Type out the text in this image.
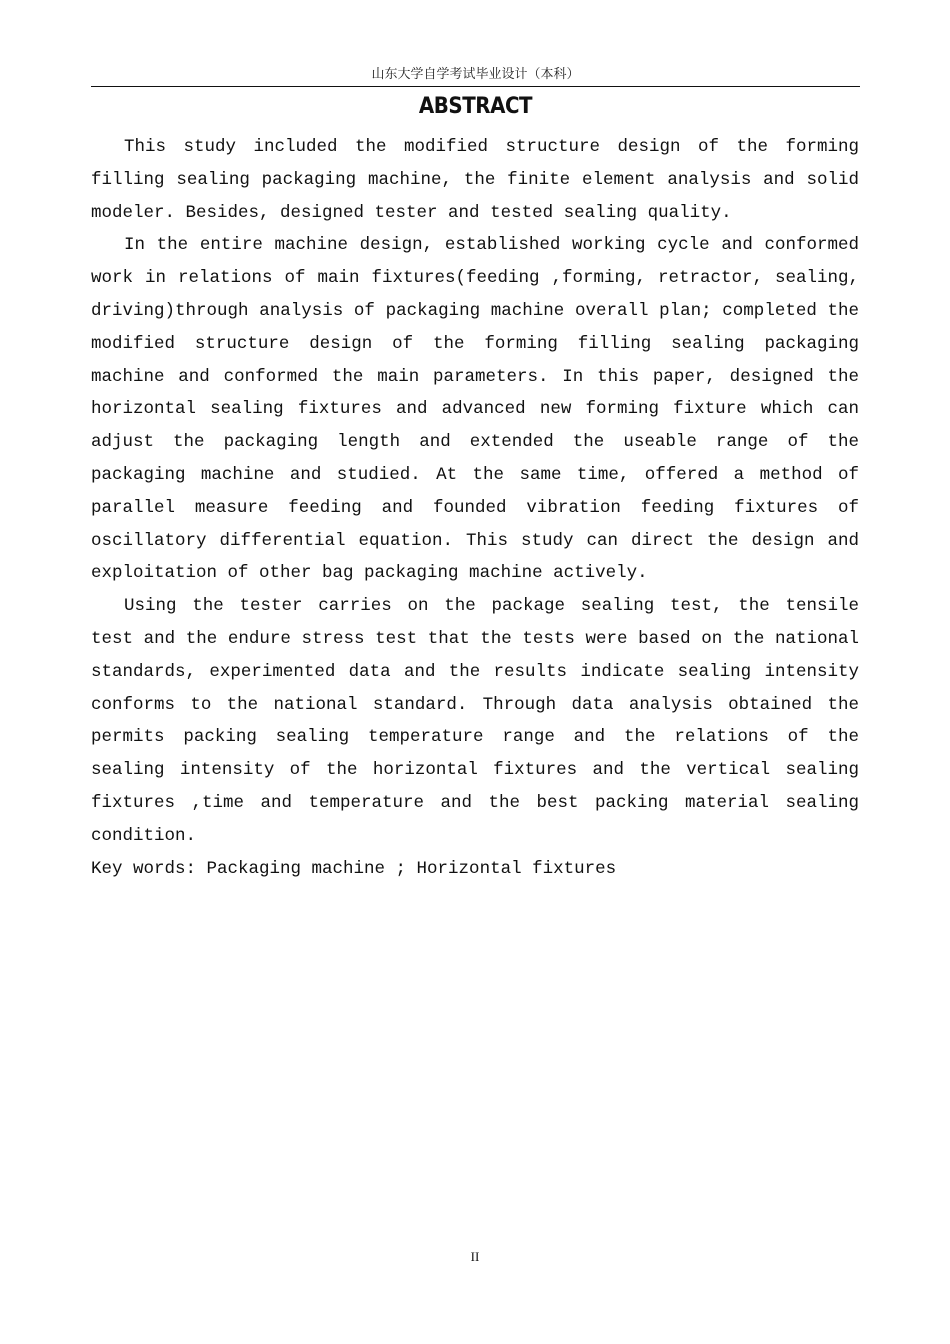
山东大学自学考试毕业设计（本科）
ABSTRACT

This study included the modified structure design of the forming filling sealing packaging machine, the finite element analysis and solid modeler. Besides, designed tester and tested sealing quality.

In the entire machine design, established working cycle and conformed work in relations of main fixtures(feeding ,forming, retractor, sealing, driving)through analysis of packaging machine overall plan; completed the modified structure design of the forming filling sealing packaging machine and conformed the main parameters. In this paper, designed the horizontal sealing fixtures and advanced new forming fixture which can adjust the packaging length and extended the useable range of the packaging machine and studied. At the same time, offered a method of parallel measure feeding and founded vibration feeding fixtures of oscillatory differential equation. This study can direct the design and exploitation of other bag packaging machine actively.

Using the tester carries on the package sealing test, the tensile test and the endure stress test that the tests were based on the national standards, experimented data and the results indicate sealing intensity conforms to the national standard. Through data analysis obtained the permits packing sealing temperature range and the relations of the sealing intensity of the horizontal fixtures and the vertical sealing fixtures ,time and temperature and the best packing material sealing condition.

Key words: Packaging machine ; Horizontal fixtures

II
